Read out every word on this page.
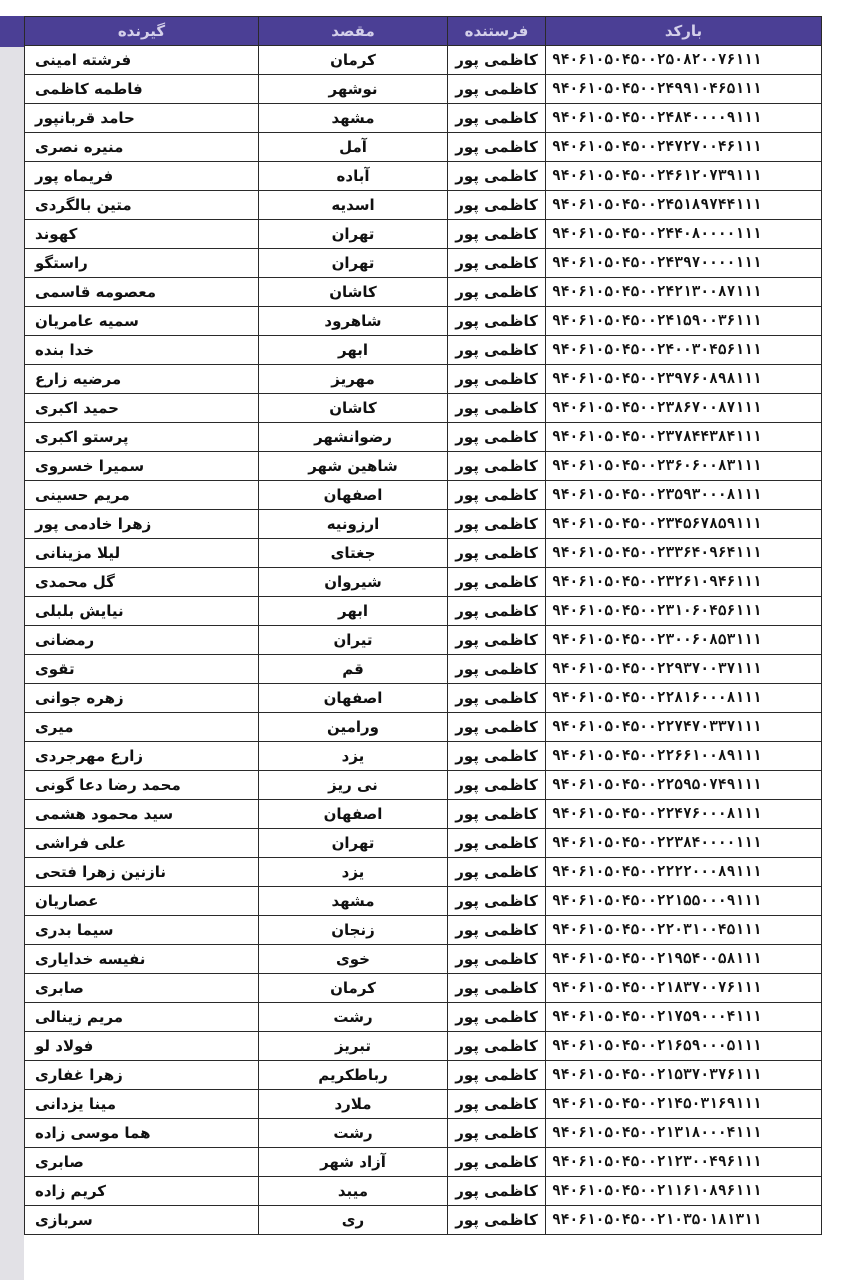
بارکد	فرستنده	مقصد	گیرنده
۹۴۰۶۱۰۵۰۴۵۰۰۲۵۰۸۲۰۰۷۶۱۱۱	کاظمی پور	کرمان	فرشته امینی
۹۴۰۶۱۰۵۰۴۵۰۰۲۴۹۹۱۰۴۶۵۱۱۱	کاظمی پور	نوشهر	فاطمه کاظمی
۹۴۰۶۱۰۵۰۴۵۰۰۲۴۸۴۰۰۰۰۹۱۱۱	کاظمی پور	مشهد	حامد قربانپور
۹۴۰۶۱۰۵۰۴۵۰۰۲۴۷۲۷۰۰۴۶۱۱۱	کاظمی پور	آمل	منیره نصری
۹۴۰۶۱۰۵۰۴۵۰۰۲۴۶۱۲۰۷۳۹۱۱۱	کاظمی پور	آباده	فریماه پور
۹۴۰۶۱۰۵۰۴۵۰۰۲۴۵۱۸۹۷۴۴۱۱۱	کاظمی پور	اسدیه	متین بالگردی
۹۴۰۶۱۰۵۰۴۵۰۰۲۴۴۰۸۰۰۰۰۱۱۱	کاظمی پور	تهران	کهوند
۹۴۰۶۱۰۵۰۴۵۰۰۲۴۳۹۷۰۰۰۰۱۱۱	کاظمی پور	تهران	راستگو
۹۴۰۶۱۰۵۰۴۵۰۰۲۴۲۱۳۰۰۸۷۱۱۱	کاظمی پور	کاشان	معصومه قاسمی
۹۴۰۶۱۰۵۰۴۵۰۰۲۴۱۵۹۰۰۳۶۱۱۱	کاظمی پور	شاهرود	سمیه عامریان
۹۴۰۶۱۰۵۰۴۵۰۰۲۴۰۰۳۰۴۵۶۱۱۱	کاظمی پور	ابهر	خدا بنده
۹۴۰۶۱۰۵۰۴۵۰۰۲۳۹۷۶۰۸۹۸۱۱۱	کاظمی پور	مهریز	مرضیه زارع
۹۴۰۶۱۰۵۰۴۵۰۰۲۳۸۶۷۰۰۸۷۱۱۱	کاظمی پور	کاشان	حمید اکبری
۹۴۰۶۱۰۵۰۴۵۰۰۲۳۷۸۴۴۳۸۴۱۱۱	کاظمی پور	رضوانشهر	پرستو اکبری
۹۴۰۶۱۰۵۰۴۵۰۰۲۳۶۰۶۰۰۸۳۱۱۱	کاظمی پور	شاهین شهر	سمیرا خسروی
۹۴۰۶۱۰۵۰۴۵۰۰۲۳۵۹۳۰۰۰۸۱۱۱	کاظمی پور	اصفهان	مریم حسینی
۹۴۰۶۱۰۵۰۴۵۰۰۲۳۴۵۶۷۸۵۹۱۱۱	کاظمی پور	ارزونیه	زهرا خادمی پور
۹۴۰۶۱۰۵۰۴۵۰۰۲۳۳۶۴۰۹۶۴۱۱۱	کاظمی پور	جغتای	لیلا مزینانی
۹۴۰۶۱۰۵۰۴۵۰۰۲۳۲۶۱۰۹۴۶۱۱۱	کاظمی پور	شیروان	گل محمدی
۹۴۰۶۱۰۵۰۴۵۰۰۲۳۱۰۶۰۴۵۶۱۱۱	کاظمی پور	ابهر	نیایش بلبلی
۹۴۰۶۱۰۵۰۴۵۰۰۲۳۰۰۶۰۸۵۳۱۱۱	کاظمی پور	تیران	رمضانی
۹۴۰۶۱۰۵۰۴۵۰۰۲۲۹۳۷۰۰۳۷۱۱۱	کاظمی پور	قم	تقوی
۹۴۰۶۱۰۵۰۴۵۰۰۲۲۸۱۶۰۰۰۸۱۱۱	کاظمی پور	اصفهان	زهره جوانی
۹۴۰۶۱۰۵۰۴۵۰۰۲۲۷۴۷۰۳۳۷۱۱۱	کاظمی پور	ورامین	میری
۹۴۰۶۱۰۵۰۴۵۰۰۲۲۶۶۱۰۰۸۹۱۱۱	کاظمی پور	یزد	زارع مهرجردی
۹۴۰۶۱۰۵۰۴۵۰۰۲۲۵۹۵۰۷۴۹۱۱۱	کاظمی پور	نی ریز	محمد رضا دعا گونی
۹۴۰۶۱۰۵۰۴۵۰۰۲۲۴۷۶۰۰۰۸۱۱۱	کاظمی پور	اصفهان	سید محمود هشمی
۹۴۰۶۱۰۵۰۴۵۰۰۲۲۳۸۴۰۰۰۰۱۱۱	کاظمی پور	تهران	علی فراشی
۹۴۰۶۱۰۵۰۴۵۰۰۲۲۲۲۰۰۰۸۹۱۱۱	کاظمی پور	یزد	نازنین زهرا فتحی
۹۴۰۶۱۰۵۰۴۵۰۰۲۲۱۵۵۰۰۰۹۱۱۱	کاظمی پور	مشهد	عصاریان
۹۴۰۶۱۰۵۰۴۵۰۰۲۲۰۳۱۰۰۴۵۱۱۱	کاظمی پور	زنجان	سیما بدری
۹۴۰۶۱۰۵۰۴۵۰۰۲۱۹۵۴۰۰۵۸۱۱۱	کاظمی پور	خوی	نفیسه خدایاری
۹۴۰۶۱۰۵۰۴۵۰۰۲۱۸۳۷۰۰۷۶۱۱۱	کاظمی پور	کرمان	صابری
۹۴۰۶۱۰۵۰۴۵۰۰۲۱۷۵۹۰۰۰۴۱۱۱	کاظمی پور	رشت	مریم زینالی
۹۴۰۶۱۰۵۰۴۵۰۰۲۱۶۵۹۰۰۰۵۱۱۱	کاظمی پور	تبریز	فولاد لو
۹۴۰۶۱۰۵۰۴۵۰۰۲۱۵۳۷۰۳۷۶۱۱۱	کاظمی پور	رباطکریم	زهرا غفاری
۹۴۰۶۱۰۵۰۴۵۰۰۲۱۴۵۰۳۱۶۹۱۱۱	کاظمی پور	ملارد	مینا یزدانی
۹۴۰۶۱۰۵۰۴۵۰۰۲۱۳۱۸۰۰۰۴۱۱۱	کاظمی پور	رشت	هما موسی زاده
۹۴۰۶۱۰۵۰۴۵۰۰۲۱۲۳۰۰۴۹۶۱۱۱	کاظمی پور	آزاد شهر	صابری
۹۴۰۶۱۰۵۰۴۵۰۰۲۱۱۶۱۰۸۹۶۱۱۱	کاظمی پور	میبد	کریم زاده
۹۴۰۶۱۰۵۰۴۵۰۰۲۱۰۳۵۰۱۸۱۳۱۱	کاظمی پور	ری	سربازی
